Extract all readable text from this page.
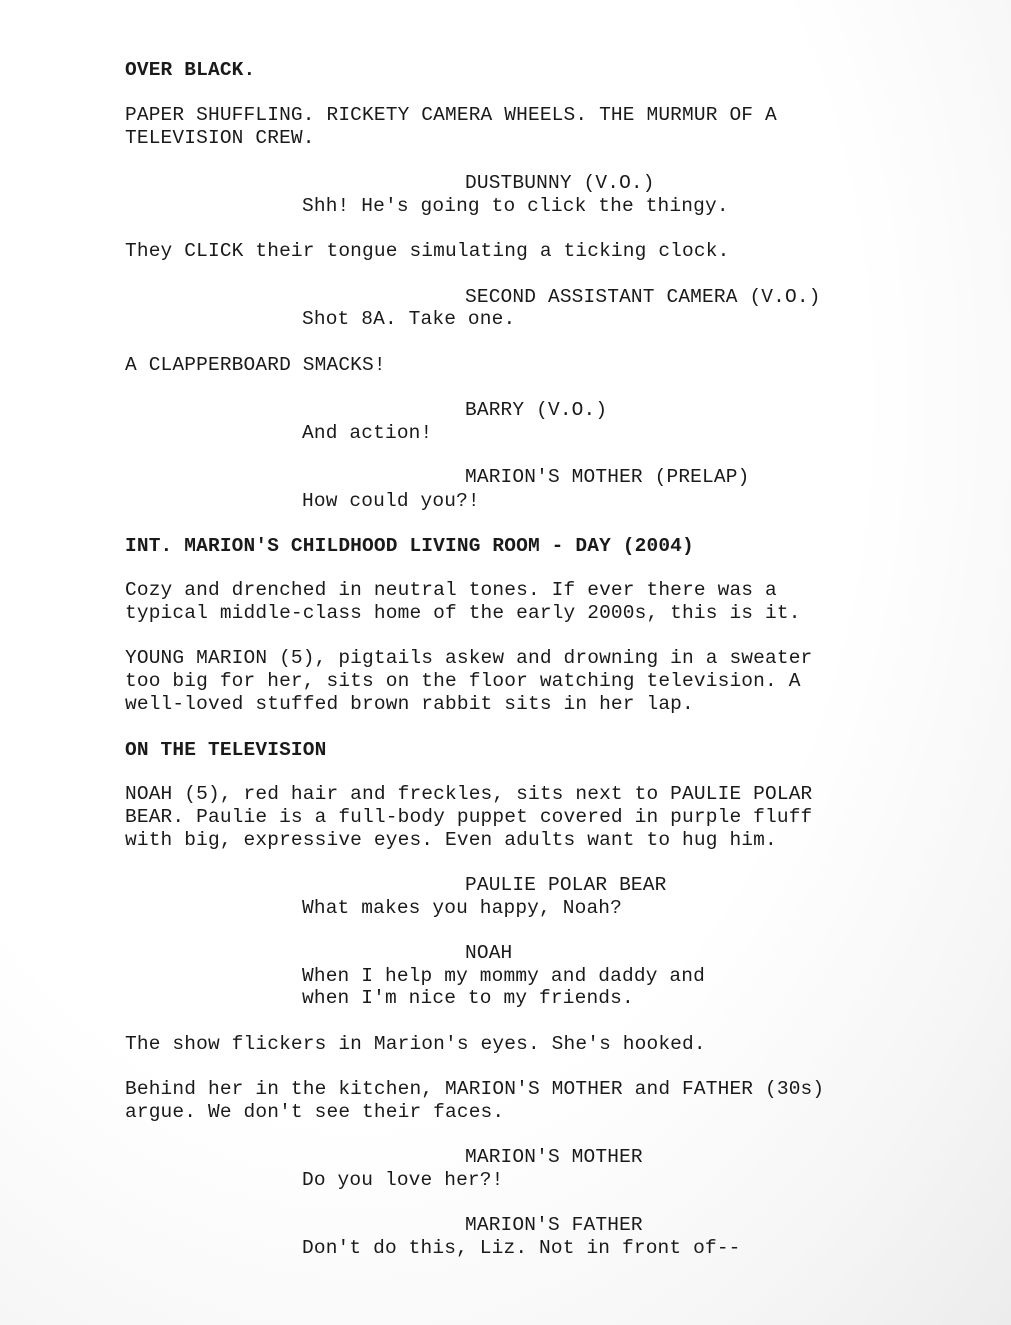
OVER BLACK.

PAPER SHUFFLING. RICKETY CAMERA WHEELS. THE MURMUR OF A

TELEVISION CREW.

DUSTBUNNY (V.O.)

Shh! He's going to click the thingy.

They CLICK their tongue simulating a ticking clock.

SECOND ASSISTANT CAMERA (V.O.)

Shot 8A. Take one.

A CLAPPERBOARD SMACKS!

BARRY (V.O.)

And action!

MARION'S MOTHER (PRELAP)

How could you?!

INT. MARION'S CHILDHOOD LIVING ROOM - DAY (2004)

Cozy and drenched in neutral tones. If ever there was a

typical middle-class home of the early 2000s, this is it.

YOUNG MARION (5), pigtails askew and drowning in a sweater

too big for her, sits on the floor watching television. A

well-loved stuffed brown rabbit sits in her lap.

ON THE TELEVISION

NOAH (5), red hair and freckles, sits next to PAULIE POLAR

BEAR. Paulie is a full-body puppet covered in purple fluff

with big, expressive eyes. Even adults want to hug him.

PAULIE POLAR BEAR

What makes you happy, Noah?

NOAH

When I help my mommy and daddy and

when I'm nice to my friends.

The show flickers in Marion's eyes. She's hooked.

Behind her in the kitchen, MARION'S MOTHER and FATHER (30s)

argue. We don't see their faces.

MARION'S MOTHER

Do you love her?!

MARION'S FATHER

Don't do this, Liz. Not in front of--
